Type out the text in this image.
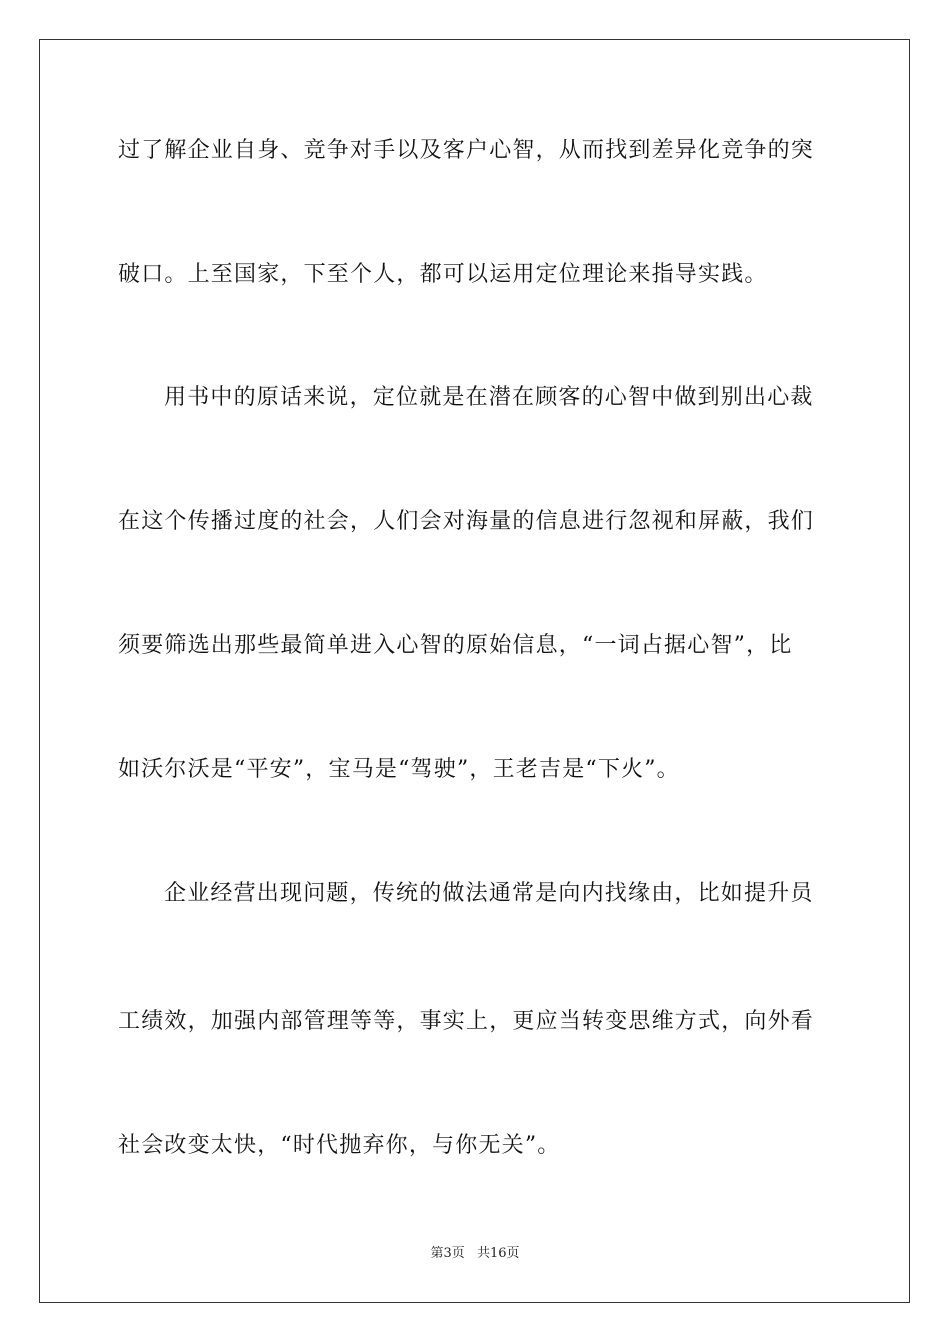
过了解企业自身、竞争对手以及客户心智，从而找到差异化竞争的突
破口。上至国家，下至个人，都可以运用定位理论来指导实践。
用书中的原话来说，定位就是在潜在顾客的心智中做到别出心裁
在这个传播过度的社会，人们会对海量的信息进行忽视和屏蔽，我们
须要筛选出那些最简单进入心智的原始信息，“一词占据心智”，比
如沃尔沃是“平安”，宝马是“驾驶”，王老吉是“下火”。
企业经营出现问题，传统的做法通常是向内找缘由，比如提升员
工绩效，加强内部管理等等，事实上，更应当转变思维方式，向外看
社会改变太快，“时代抛弃你，与你无关”。
第3页 共16页
